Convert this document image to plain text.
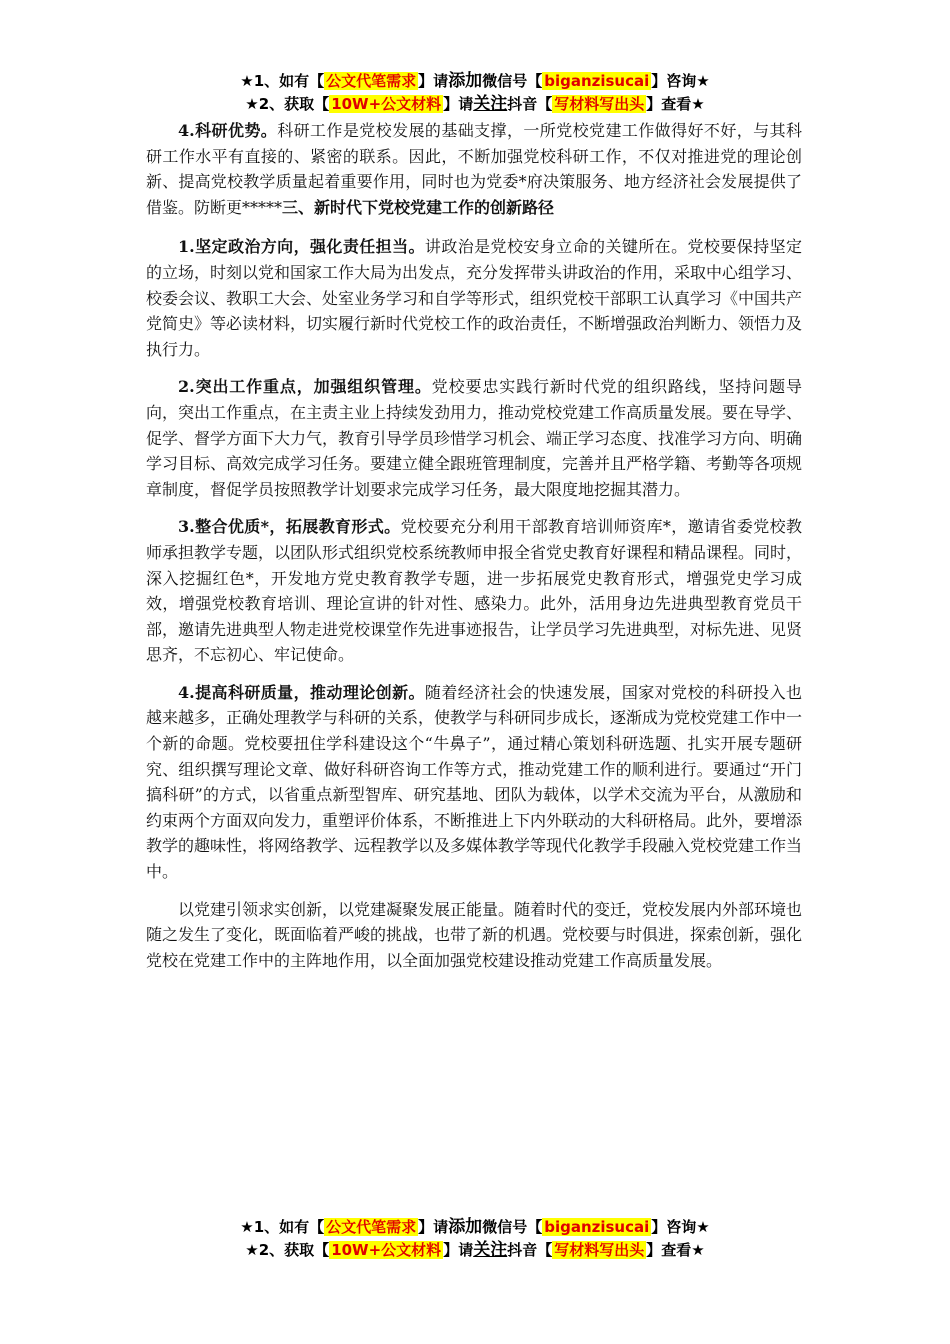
★1、如有【 公文代笔需求 】请添加微信号【 biganzisucai 】咨询★
★2、获取【 10W+公文材料 】请关注抖音【 写材料写出头 】查看★

4.科研优势。科研工作是党校发展的基础支撑，一所党校党建工作做得好不好，与其科研工作水平有直接的、紧密的联系。因此，不断加强党校科研工作，不仅对推进党的理论创新、提高党校教学质量起着重要作用，同时也为党委*府决策服务、地方经济社会发展提供了借鉴。防断更*****三、新时代下党校党建工作的创新路径

1.坚定政治方向，强化责任担当。讲政治是党校安身立命的关键所在。党校要保持坚定的立场，时刻以党和国家工作大局为出发点，充分发挥带头讲政治的作用，采取中心组学习、校委会议、教职工大会、处室业务学习和自学等形式，组织党校干部职工认真学习《中国共产党简史》等必读材料，切实履行新时代党校工作的政治责任，不断增强政治判断力、领悟力及执行力。

2.突出工作重点，加强组织管理。党校要忠实践行新时代党的组织路线，坚持问题导向，突出工作重点，在主责主业上持续发劲用力，推动党校党建工作高质量发展。要在导学、促学、督学方面下大力气，教育引导学员珍惜学习机会、端正学习态度、找准学习方向、明确学习目标、高效完成学习任务。要建立健全跟班管理制度，完善并且严格学籍、考勤等各项规章制度，督促学员按照教学计划要求完成学习任务，最大限度地挖掘其潜力。

3.整合优质*，拓展教育形式。党校要充分利用干部教育培训师资库*，邀请省委党校教师承担教学专题，以团队形式组织党校系统教师申报全省党史教育好课程和精品课程。同时，深入挖掘红色*，开发地方党史教育教学专题，进一步拓展党史教育形式，增强党史学习成效，增强党校教育培训、理论宣讲的针对性、感染力。此外，活用身边先进典型教育党员干部，邀请先进典型人物走进党校课堂作先进事迹报告，让学员学习先进典型，对标先进、见贤思齐，不忘初心、牢记使命。

4.提高科研质量，推动理论创新。随着经济社会的快速发展，国家对党校的科研投入也越来越多，正确处理教学与科研的关系，使教学与科研同步成长，逐渐成为党校党建工作中一个新的命题。党校要扭住学科建设这个“牛鼻子”，通过精心策划科研选题、扎实开展专题研究、组织撰写理论文章、做好科研咨询工作等方式，推动党建工作的顺利进行。要通过“开门搞科研”的方式，以省重点新型智库、研究基地、团队为载体，以学术交流为平台，从激励和约束两个方面双向发力，重塑评价体系，不断推进上下内外联动的大科研格局。此外，要增添教学的趣味性，将网络教学、远程教学以及多媒体教学等现代化教学手段融入党校党建工作当中。

以党建引领求实创新，以党建凝聚发展正能量。随着时代的变迁，党校发展内外部环境也随之发生了变化，既面临着严峻的挑战，也带了新的机遇。党校要与时俱进，探索创新，强化党校在党建工作中的主阵地作用，以全面加强党校建设推动党建工作高质量发展。

★1、如有【 公文代笔需求 】请添加微信号【 biganzisucai 】咨询★
★2、获取【 10W+公文材料 】请关注抖音【 写材料写出头 】查看★
